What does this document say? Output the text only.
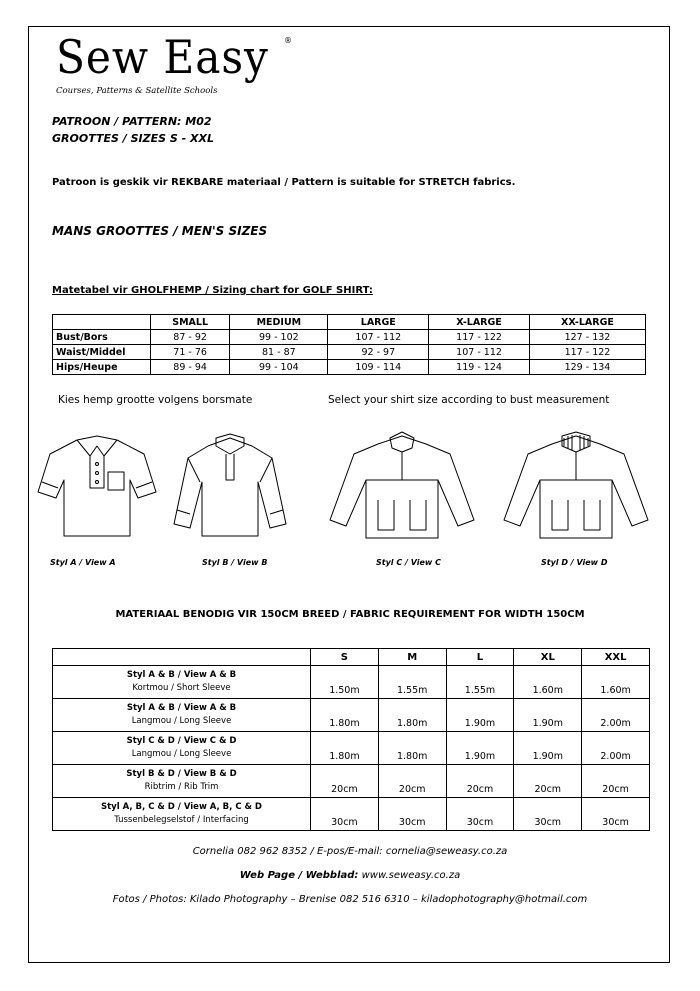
Sew Easy ®
Courses, Patterns & Satellite Schools
PATROON / PATTERN: M02
GROOTTES / SIZES S - XXL
Patroon is geskik vir REKBARE materiaal / Pattern is suitable for STRETCH fabrics.
MANS GROOTTES / MEN'S SIZES
Matetabel vir GHOLFHEMP / Sizing chart for GOLF SHIRT:
	SMALL	MEDIUM	LARGE	X-LARGE	XX-LARGE
Bust/Bors	87 - 92	99 - 102	107 - 112	117 - 122	127 - 132
Waist/Middel	71 - 76	81 - 87	92 - 97	107 - 112	117 - 122
Hips/Heupe	89 - 94	99 - 104	109 - 114	119 - 124	129 - 134
Kies hemp grootte volgens borsmate	Select your shirt size according to bust measurement
Styl A / View A	Styl B / View B	Styl C / View C	Styl D / View D
MATERIAAL BENODIG VIR 150CM BREED / FABRIC REQUIREMENT FOR WIDTH 150CM
	S	M	L	XL	XXL

Styl A & B / View A & B
Kortmou / Short Sleeve	1.50m	1.55m	1.55m	1.60m	1.60m

Styl A & B / View A & B
Langmou / Long Sleeve	1.80m	1.80m	1.90m	1.90m	2.00m

Styl C & D / View C & D
Langmou / Long Sleeve	1.80m	1.80m	1.90m	1.90m	2.00m

Styl B & D / View B & D
Ribtrim / Rib Trim	20cm	20cm	20cm	20cm	20cm

Styl A, B, C & D / View A, B, C & D
Tussenbelegselstof / Interfacing	30cm	30cm	30cm	30cm	30cm
Cornelia 082 962 8352 / E-pos/E-mail: cornelia@seweasy.co.za
Web Page / Webblad: www.seweasy.co.za
Fotos / Photos: Kilado Photography – Brenise 082 516 6310 – kiladophotography@hotmail.com
